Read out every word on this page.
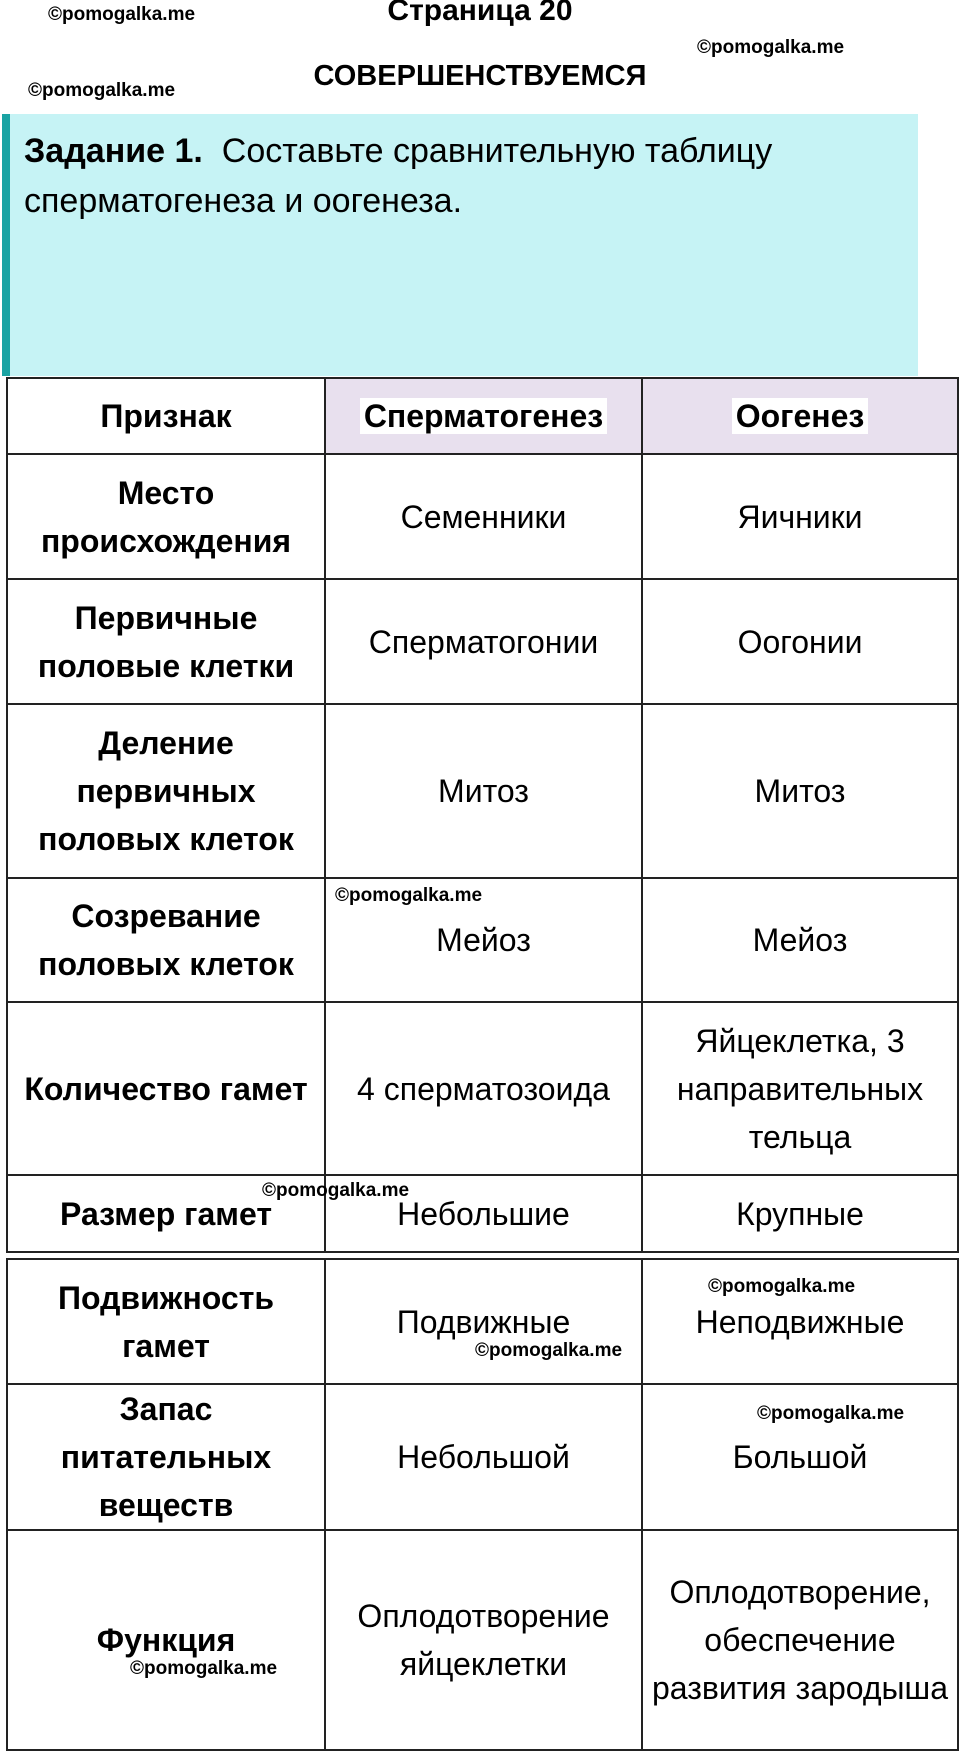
Страница 20
СОВЕРШЕНСТВУЕМСЯ
Задание 1. Составьте сравнительную таблицу сперматогенеза и оогенеза.
Признак	Сперматогенез	Оогенез
Место происхождения	Семенники	Яичники
Первичные половые клетки	Сперматогонии	Оогонии
Деление первичных половых клеток	Митоз	Митоз
Созревание половых клеток	Мейоз	Мейоз
Количество гамет	4 сперматозоида	Яйцеклетка, 3 направительных тельца
Размер гамет	Небольшие	Крупные
Подвижность гамет	Подвижные	Неподвижные
Запас питательных веществ	Небольшой	Большой
Функция	Оплодотворение яйцеклетки	Оплодотворение, обеспечение развития зародыша
©pomogalka.me
©pomogalka.me
©pomogalka.me
©pomogalka.me
©pomogalka.me
©pomogalka.me
©pomogalka.me
©pomogalka.me
©pomogalka.me
